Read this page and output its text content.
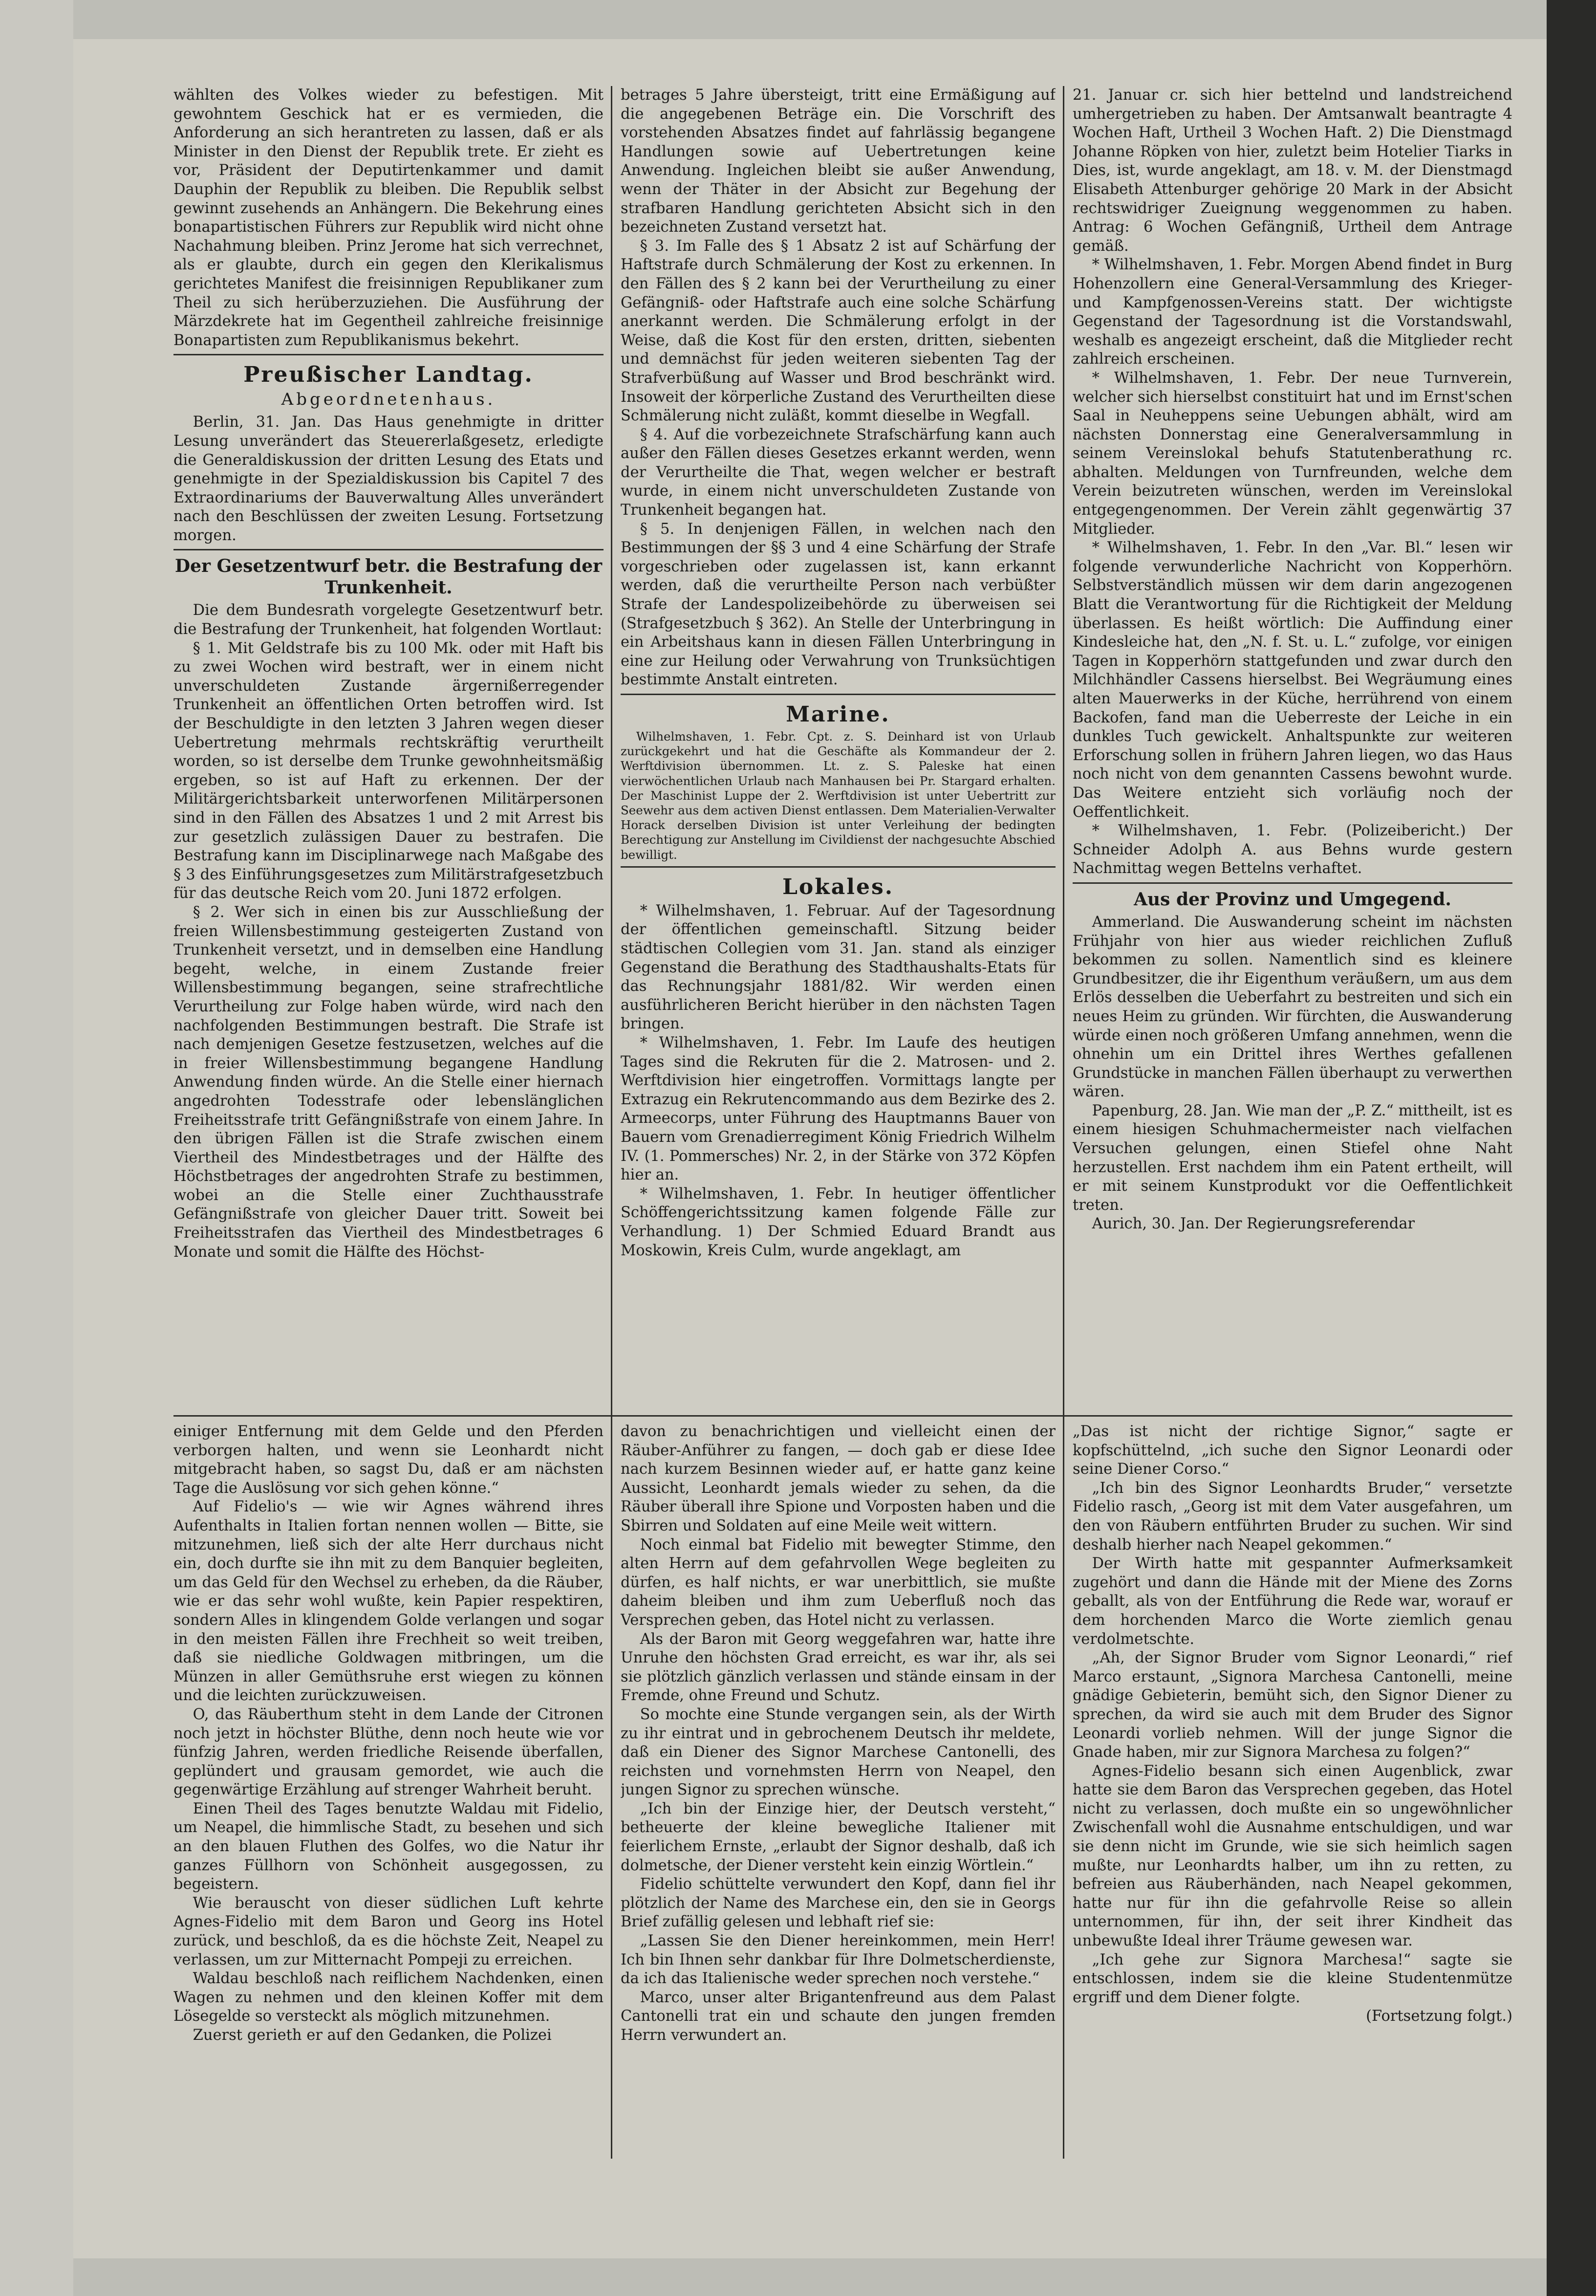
wählten des Volkes wieder zu befestigen. Mit gewohntem Geschick hat er es vermieden, die Anforderung an sich herantreten zu lassen, daß er als Minister in den Dienst der Republik trete. Er zieht es vor, Präsident der Deputirtenkammer und damit Dauphin der Republik zu bleiben. Die Republik selbst gewinnt zusehends an Anhängern. Die Bekehrung eines bonapartistischen Führers zur Republik wird nicht ohne Nachahmung bleiben. Prinz Jerome hat sich verrechnet, als er glaubte, durch ein gegen den Klerikalismus gerichtetes Manifest die freisinnigen Republikaner zum Theil zu sich herüberzuziehen. Die Ausführung der Märzdekrete hat im Gegentheil zahlreiche freisinnige Bonapartisten zum Republikanismus bekehrt.

Preußischer Landtag.
Abgeordnetenhaus.

Berlin, 31. Jan. Das Haus genehmigte in dritter Lesung unverändert das Steuererlaßgesetz, erledigte die Generaldiskussion der dritten Lesung des Etats und genehmigte in der Spezialdiskussion bis Capitel 7 des Extraordinariums der Bauverwaltung Alles unverändert nach den Beschlüssen der zweiten Lesung. Fortsetzung morgen.

Der Gesetzentwurf betr. die Bestrafung der Trunkenheit.

Die dem Bundesrath vorgelegte Gesetzentwurf betr. die Bestrafung der Trunkenheit, hat folgenden Wortlaut:

§ 1. Mit Geldstrafe bis zu 100 Mk. oder mit Haft bis zu zwei Wochen wird bestraft, wer in einem nicht unverschuldeten Zustande ärgernißerregender Trunkenheit an öffentlichen Orten betroffen wird. Ist der Beschuldigte in den letzten 3 Jahren wegen dieser Uebertretung mehrmals rechtskräftig verurtheilt worden, so ist derselbe dem Trunke gewohnheitsmäßig ergeben, so ist auf Haft zu erkennen. Der der Militärgerichtsbarkeit unterworfenen Militärpersonen sind in den Fällen des Absatzes 1 und 2 mit Arrest bis zur gesetzlich zulässigen Dauer zu bestrafen. Die Bestrafung kann im Disciplinarwege nach Maßgabe des § 3 des Einführungsgesetzes zum Militärstrafgesetzbuch für das deutsche Reich vom 20. Juni 1872 erfolgen.

§ 2. Wer sich in einen bis zur Ausschließung der freien Willensbestimmung gesteigerten Zustand von Trunkenheit versetzt, und in demselben eine Handlung begeht, welche, in einem Zustande freier Willensbestimmung begangen, seine strafrechtliche Verurtheilung zur Folge haben würde, wird nach den nachfolgenden Bestimmungen bestraft. Die Strafe ist nach demjenigen Gesetze festzusetzen, welches auf die in freier Willensbestimmung begangene Handlung Anwendung finden würde. An die Stelle einer hiernach angedrohten Todesstrafe oder lebenslänglichen Freiheitsstrafe tritt Gefängnißstrafe von einem Jahre. In den übrigen Fällen ist die Strafe zwischen einem Viertheil des Mindestbetrages und der Hälfte des Höchstbetrages der angedrohten Strafe zu bestimmen, wobei an die Stelle einer Zuchthausstrafe Gefängnißstrafe von gleicher Dauer tritt. Soweit bei Freiheitsstrafen das Viertheil des Mindestbetrages 6 Monate und somit die Hälfte des Höchst-

betrages 5 Jahre übersteigt, tritt eine Ermäßigung auf die angegebenen Beträge ein. Die Vorschrift des vorstehenden Absatzes findet auf fahrlässig begangene Handlungen sowie auf Uebertretungen keine Anwendung. Ingleichen bleibt sie außer Anwendung, wenn der Thäter in der Absicht zur Begehung der strafbaren Handlung gerichteten Absicht sich in den bezeichneten Zustand versetzt hat.

§ 3. Im Falle des § 1 Absatz 2 ist auf Schärfung der Haftstrafe durch Schmälerung der Kost zu erkennen. In den Fällen des § 2 kann bei der Verurtheilung zu einer Gefängniß- oder Haftstrafe auch eine solche Schärfung anerkannt werden. Die Schmälerung erfolgt in der Weise, daß die Kost für den ersten, dritten, siebenten und demnächst für jeden weiteren siebenten Tag der Strafverbüßung auf Wasser und Brod beschränkt wird. Insoweit der körperliche Zustand des Verurtheilten diese Schmälerung nicht zuläßt, kommt dieselbe in Wegfall.

§ 4. Auf die vorbezeichnete Strafschärfung kann auch außer den Fällen dieses Gesetzes erkannt werden, wenn der Verurtheilte die That, wegen welcher er bestraft wurde, in einem nicht unverschuldeten Zustande von Trunkenheit begangen hat.

§ 5. In denjenigen Fällen, in welchen nach den Bestimmungen der §§ 3 und 4 eine Schärfung der Strafe vorgeschrieben oder zugelassen ist, kann erkannt werden, daß die verurtheilte Person nach verbüßter Strafe der Landespolizeibehörde zu überweisen sei (Strafgesetzbuch § 362). An Stelle der Unterbringung in ein Arbeitshaus kann in diesen Fällen Unterbringung in eine zur Heilung oder Verwahrung von Trunksüchtigen bestimmte Anstalt eintreten.

Marine.

Wilhelmshaven, 1. Febr. Cpt. z. S. Deinhard ist von Urlaub zurückgekehrt und hat die Geschäfte als Kommandeur der 2. Werftdivision übernommen. Lt. z. S. Paleske hat einen vierwöchentlichen Urlaub nach Manhausen bei Pr. Stargard erhalten. Der Maschinist Luppe der 2. Werftdivision ist unter Uebertritt zur Seewehr aus dem activen Dienst entlassen. Dem Materialien-Verwalter Horack derselben Division ist unter Verleihung der bedingten Berechtigung zur Anstellung im Civildienst der nachgesuchte Abschied bewilligt.

Lokales.

* Wilhelmshaven, 1. Februar. Auf der Tagesordnung der öffentlichen gemeinschaftl. Sitzung beider städtischen Collegien vom 31. Jan. stand als einziger Gegenstand die Berathung des Stadthaushalts-Etats für das Rechnungsjahr 1881/82. Wir werden einen ausführlicheren Bericht hierüber in den nächsten Tagen bringen.

* Wilhelmshaven, 1. Febr. Im Laufe des heutigen Tages sind die Rekruten für die 2. Matrosen- und 2. Werftdivision hier eingetroffen. Vormittags langte per Extrazug ein Rekrutencommando aus dem Bezirke des 2. Armeecorps, unter Führung des Hauptmanns Bauer von Bauern vom Grenadierregiment König Friedrich Wilhelm IV. (1. Pommersches) Nr. 2, in der Stärke von 372 Köpfen hier an.

* Wilhelmshaven, 1. Febr. In heutiger öffentlicher Schöffengerichtssitzung kamen folgende Fälle zur Verhandlung. 1) Der Schmied Eduard Brandt aus Moskowin, Kreis Culm, wurde angeklagt, am

21. Januar cr. sich hier bettelnd und landstreichend umhergetrieben zu haben. Der Amtsanwalt beantragte 4 Wochen Haft, Urtheil 3 Wochen Haft. 2) Die Dienstmagd Johanne Röpken von hier, zuletzt beim Hotelier Tiarks in Dies, ist, wurde angeklagt, am 18. v. M. der Dienstmagd Elisabeth Attenburger gehörige 20 Mark in der Absicht rechtswidriger Zueignung weggenommen zu haben. Antrag: 6 Wochen Gefängniß, Urtheil dem Antrage gemäß.

* Wilhelmshaven, 1. Febr. Morgen Abend findet in Burg Hohenzollern eine General-Versammlung des Krieger- und Kampfgenossen-Vereins statt. Der wichtigste Gegenstand der Tagesordnung ist die Vorstandswahl, weshalb es angezeigt erscheint, daß die Mitglieder recht zahlreich erscheinen.

* Wilhelmshaven, 1. Febr. Der neue Turnverein, welcher sich hierselbst constituirt hat und im Ernst'schen Saal in Neuheppens seine Uebungen abhält, wird am nächsten Donnerstag eine Generalversammlung in seinem Vereinslokal behufs Statutenberathung rc. abhalten. Meldungen von Turnfreunden, welche dem Verein beizutreten wünschen, werden im Vereinslokal entgegengenommen. Der Verein zählt gegenwärtig 37 Mitglieder.

* Wilhelmshaven, 1. Febr. In den „Var. Bl.“ lesen wir folgende verwunderliche Nachricht von Kopperhörn. Selbstverständlich müssen wir dem darin angezogenen Blatt die Verantwortung für die Richtigkeit der Meldung überlassen. Es heißt wörtlich: Die Auffindung einer Kindesleiche hat, den „N. f. St. u. L.“ zufolge, vor einigen Tagen in Kopperhörn stattgefunden und zwar durch den Milchhändler Cassens hierselbst. Bei Wegräumung eines alten Mauerwerks in der Küche, herrührend von einem Backofen, fand man die Ueberreste der Leiche in ein dunkles Tuch gewickelt. Anhaltspunkte zur weiteren Erforschung sollen in frühern Jahren liegen, wo das Haus noch nicht von dem genannten Cassens bewohnt wurde. Das Weitere entzieht sich vorläufig noch der Oeffentlichkeit.

* Wilhelmshaven, 1. Febr. (Polizeibericht.) Der Schneider Adolph A. aus Behns wurde gestern Nachmittag wegen Bettelns verhaftet.

Aus der Provinz und Umgegend.

Ammerland. Die Auswanderung scheint im nächsten Frühjahr von hier aus wieder reichlichen Zufluß bekommen zu sollen. Namentlich sind es kleinere Grundbesitzer, die ihr Eigenthum veräußern, um aus dem Erlös desselben die Ueberfahrt zu bestreiten und sich ein neues Heim zu gründen. Wir fürchten, die Auswanderung würde einen noch größeren Umfang annehmen, wenn die ohnehin um ein Drittel ihres Werthes gefallenen Grundstücke in manchen Fällen überhaupt zu verwerthen wären.

Papenburg, 28. Jan. Wie man der „P. Z.“ mittheilt, ist es einem hiesigen Schuhmachermeister nach vielfachen Versuchen gelungen, einen Stiefel ohne Naht herzustellen. Erst nachdem ihm ein Patent ertheilt, will er mit seinem Kunstprodukt vor die Oeffentlichkeit treten.

Aurich, 30. Jan. Der Regierungsreferendar

einiger Entfernung mit dem Gelde und den Pferden verborgen halten, und wenn sie Leonhardt nicht mitgebracht haben, so sagst Du, daß er am nächsten Tage die Auslösung vor sich gehen könne.“

Auf Fidelio's — wie wir Agnes während ihres Aufenthalts in Italien fortan nennen wollen — Bitte, sie mitzunehmen, ließ sich der alte Herr durchaus nicht ein, doch durfte sie ihn mit zu dem Banquier begleiten, um das Geld für den Wechsel zu erheben, da die Räuber, wie er das sehr wohl wußte, kein Papier respektiren, sondern Alles in klingendem Golde verlangen und sogar in den meisten Fällen ihre Frechheit so weit treiben, daß sie niedliche Goldwagen mitbringen, um die Münzen in aller Gemüthsruhe erst wiegen zu können und die leichten zurückzuweisen.

O, das Räuberthum steht in dem Lande der Citronen noch jetzt in höchster Blüthe, denn noch heute wie vor fünfzig Jahren, werden friedliche Reisende überfallen, geplündert und grausam gemordet, wie auch die gegenwärtige Erzählung auf strenger Wahrheit beruht.

Einen Theil des Tages benutzte Waldau mit Fidelio, um Neapel, die himmlische Stadt, zu besehen und sich an den blauen Fluthen des Golfes, wo die Natur ihr ganzes Füllhorn von Schönheit ausgegossen, zu begeistern.

Wie berauscht von dieser südlichen Luft kehrte Agnes-Fidelio mit dem Baron und Georg ins Hotel zurück, und beschloß, da es die höchste Zeit, Neapel zu verlassen, um zur Mitternacht Pompeji zu erreichen.

Waldau beschloß nach reiflichem Nachdenken, einen Wagen zu nehmen und den kleinen Koffer mit dem Lösegelde so versteckt als möglich mitzunehmen.

Zuerst gerieth er auf den Gedanken, die Polizei

davon zu benachrichtigen und vielleicht einen der Räuber-Anführer zu fangen, — doch gab er diese Idee nach kurzem Besinnen wieder auf, er hatte ganz keine Aussicht, Leonhardt jemals wieder zu sehen, da die Räuber überall ihre Spione und Vorposten haben und die Sbirren und Soldaten auf eine Meile weit wittern.

Noch einmal bat Fidelio mit bewegter Stimme, den alten Herrn auf dem gefahrvollen Wege begleiten zu dürfen, es half nichts, er war unerbittlich, sie mußte daheim bleiben und ihm zum Ueberfluß noch das Versprechen geben, das Hotel nicht zu verlassen.

Als der Baron mit Georg weggefahren war, hatte ihre Unruhe den höchsten Grad erreicht, es war ihr, als sei sie plötzlich gänzlich verlassen und stände einsam in der Fremde, ohne Freund und Schutz.

So mochte eine Stunde vergangen sein, als der Wirth zu ihr eintrat und in gebrochenem Deutsch ihr meldete, daß ein Diener des Signor Marchese Cantonelli, des reichsten und vornehmsten Herrn von Neapel, den jungen Signor zu sprechen wünsche.

„Ich bin der Einzige hier, der Deutsch versteht,“ betheuerte der kleine bewegliche Italiener mit feierlichem Ernste, „erlaubt der Signor deshalb, daß ich dolmetsche, der Diener versteht kein einzig Wörtlein.“

Fidelio schüttelte verwundert den Kopf, dann fiel ihr plötzlich der Name des Marchese ein, den sie in Georgs Brief zufällig gelesen und lebhaft rief sie:

„Lassen Sie den Diener hereinkommen, mein Herr! Ich bin Ihnen sehr dankbar für Ihre Dolmetscherdienste, da ich das Italienische weder sprechen noch verstehe.“

Marco, unser alter Brigantenfreund aus dem Palast Cantonelli trat ein und schaute den jungen fremden Herrn verwundert an.

„Das ist nicht der richtige Signor,“ sagte er kopfschüttelnd, „ich suche den Signor Leonardi oder seine Diener Corso.“

„Ich bin des Signor Leonhardts Bruder,“ versetzte Fidelio rasch, „Georg ist mit dem Vater ausgefahren, um den von Räubern entführten Bruder zu suchen. Wir sind deshalb hierher nach Neapel gekommen.“

Der Wirth hatte mit gespannter Aufmerksamkeit zugehört und dann die Hände mit der Miene des Zorns geballt, als von der Entführung die Rede war, worauf er dem horchenden Marco die Worte ziemlich genau verdolmetschte.

„Ah, der Signor Bruder vom Signor Leonardi,“ rief Marco erstaunt, „Signora Marchesa Cantonelli, meine gnädige Gebieterin, bemüht sich, den Signor Diener zu sprechen, da wird sie auch mit dem Bruder des Signor Leonardi vorlieb nehmen. Will der junge Signor die Gnade haben, mir zur Signora Marchesa zu folgen?“

Agnes-Fidelio besann sich einen Augenblick, zwar hatte sie dem Baron das Versprechen gegeben, das Hotel nicht zu verlassen, doch mußte ein so ungewöhnlicher Zwischenfall wohl die Ausnahme entschuldigen, und war sie denn nicht im Grunde, wie sie sich heimlich sagen mußte, nur Leonhardts halber, um ihn zu retten, zu befreien aus Räuberhänden, nach Neapel gekommen, hatte nur für ihn die gefahrvolle Reise so allein unternommen, für ihn, der seit ihrer Kindheit das unbewußte Ideal ihrer Träume gewesen war.

„Ich gehe zur Signora Marchesa!“ sagte sie entschlossen, indem sie die kleine Studentenmütze ergriff und dem Diener folgte.

(Fortsetzung folgt.)
